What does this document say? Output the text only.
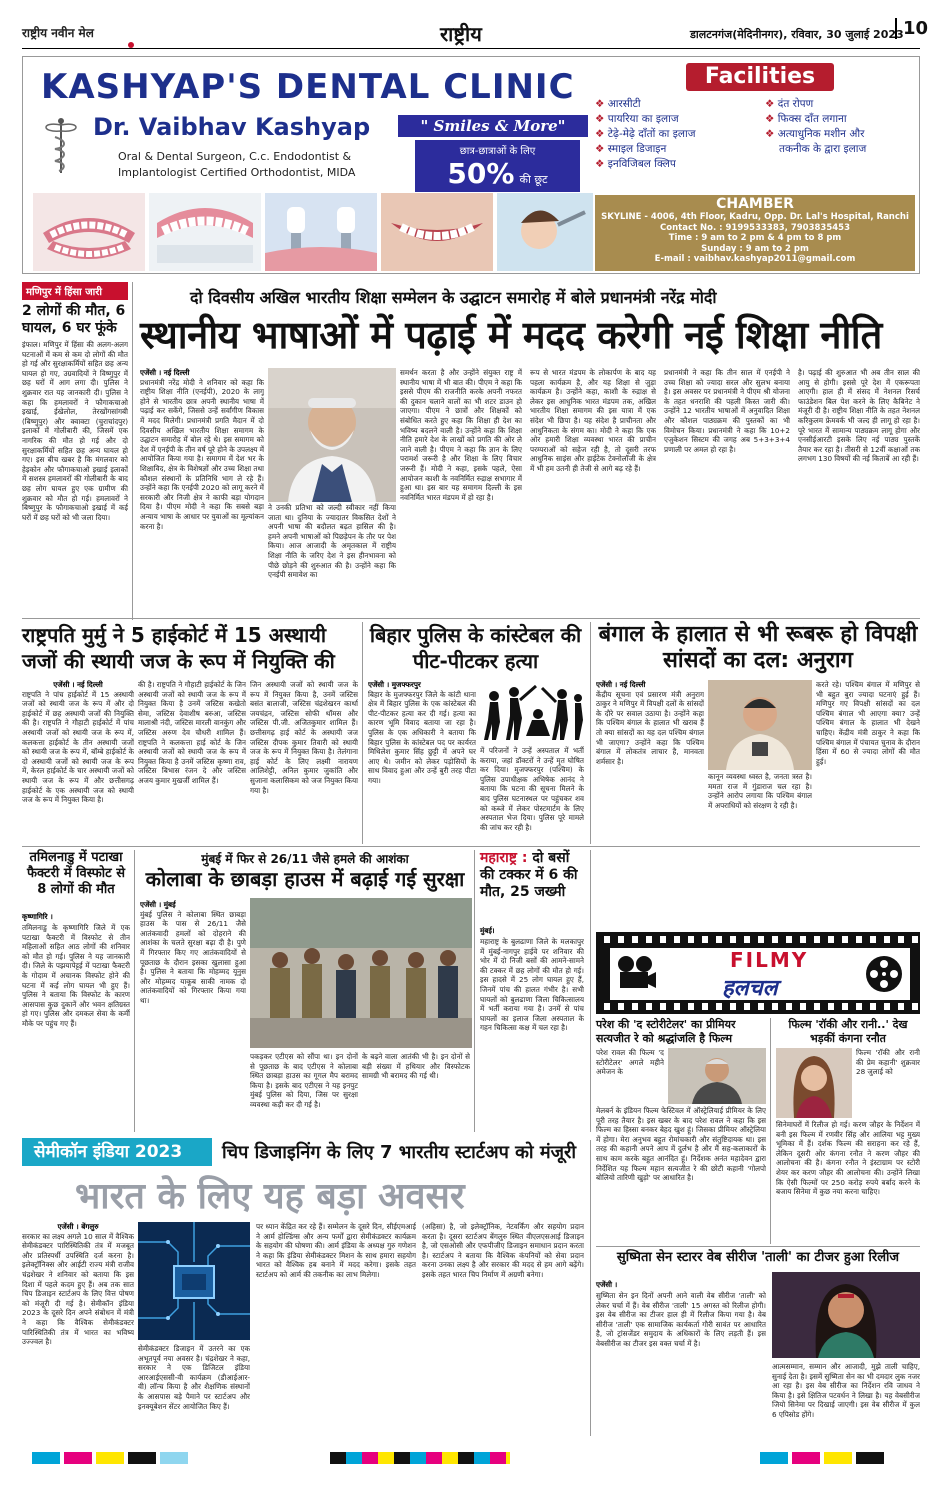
राष्ट्रीय नवीन मेल	राष्ट्रीय	डालटनगंज(मेदिनीनगर), रविवार, 30 जुलाई 2023 10
KASHYAP'S DENTAL CLINIC
Dr. Vaibhav Kashyap	" Smiles & More"
Oral & Dental Surgeon, C.c. Endodontist &
Implantologist Certified Orthodontist, MIDA
छात्र-छात्राओं के लिए
50% की छूट
Facilities
❖ आरसीटी
❖ पायरिया का इलाज
❖ टेढ़े-मेढ़े दाँतों का इलाज
❖ स्माइल डिजाइन
❖ इनविजिबल क्लिप
❖ दंत रोपण
❖ फिक्स दाँत लगाना
❖ अत्याधुनिक मशीन और
तकनीक के द्वारा इलाज
CHAMBER
SKYLINE - 4006, 4th Floor, Kadru, Opp. Dr. Lal's Hospital, Ranchi
Contact No. : 9199533383, 7903835453
Time : 9 am to 2 pm & 4 pm to 8 pm
Sunday : 9 am to 2 pm
E-mail : vaibhav.kashyap2011@gmail.com
मणिपुर में हिंसा जारी
2 लोगों की मौत, 6 घायल, 6 घर फूंके
इंफाल। मणिपुर में हिंसा की अलग-अलग घटनाओं में कम से कम दो लोगों की मौत हो गई और सुरक्षाकर्मियों सहित छह अन्य घायल हो गए, उग्रवादियों ने विष्णुपुर में छह घरों में आग लगा दी। पुलिस ने शुक्रवार रात यह जानकारी दी। पुलिस ने कहा कि हमलावरों ने फौगाकचाओ इखाई, ईखेलोल, तेरखोंगसांगबी (बिष्णुपुर) और क्वाक्टा (चुराचांदपुर) इलाकों में गोलीबारी की, जिसमें एक नागरिक की मौत हो गई और दो सुरक्षाकर्मियों सहित छह अन्य घायल हो गए। इस बीच खबर है कि मंगलवार को हेइकोन और फौगाकचाओ इखाई इलाकों में सशस्त्र हमलावरों की गोलीबारी के बाद छह लोग घायल हुए एक ग्रामीण की शुक्रवार को मौत हो गई। हमलावरों ने बिष्णुपुर के फौगाकचाओ इखाई में कई घरों में छह घरों को भी जला दिया।
दो दिवसीय अखिल भारतीय शिक्षा सम्मेलन के उद्घाटन समारोह में बोले प्रधानमंत्री नरेंद्र मोदी
स्थानीय भाषाओं में पढ़ाई में मदद करेगी नई शिक्षा नीति
एजेंसी । नई दिल्ली
प्रधानमंत्री नरेंद्र मोदी ने शनिवार को कहा कि राष्ट्रीय शिक्षा नीति (एनईपी), 2020 के लागू होने से भारतीय छात्र अपनी स्थानीय भाषा में पढ़ाई कर सकेंगे, जिससे उन्हें सर्वांगीण विकास में मदद मिलेगी। प्रधानमंत्री प्रगति मैदान में दो दिवसीय अखिल भारतीय शिक्षा समागम के उद्घाटन समारोह में बोल रहे थे। इस समागम को देश में एनईपी के तीन वर्ष पूरे होने के उपलक्ष्य में आयोजित किया गया है। समागम में देश भर के शिक्षाविद, क्षेत्र के विशेषज्ञों और उच्च शिक्षा तथा कौशल संस्थानों के प्रतिनिधि भाग ले रहे हैं। उन्होंने कहा कि एनईपी 2020 को लागू करने में सरकारी और निजी क्षेत्र ने काफी बड़ा योगदान दिया है। पीएम मोदी ने कहा कि सबसे बड़ा अन्याय भाषा के आधार पर युवाओं का मूल्यांकन करना है।
ने उनकी प्रतिभा को जल्दी स्वीकार नहीं किया जाता था। दुनिया के ज्यादातर विकसित देशों ने अपनी भाषा की बदौलत बढ़त हासिल की है। हमने अपनी भाषाओं को पिछड़ेपन के तौर पर पेश किया। आज आजादी के अमृतकाल में राष्ट्रीय शिक्षा नीति के जरिए देश ने इस हीनभावना को पीछे छोड़ने की शुरुआत की है। उन्होंने कहा कि एनईपी समावेश का
समर्थन करता है और उन्होंने संयुक्त राष्ट्र में स्थानीय भाषा में भी बात की। पीएम ने कहा कि इससे पीएम की राजनीति करके अपनी नफरत की दुकान चलाने वालों का भी शटर डाउन हो जाएगा। पीएम ने छात्रों और शिक्षकों को संबोधित करते हुए कहा कि शिक्षा ही देश का भविष्य बदलने वाली है। उन्होंने कहा कि शिक्षा नीति हमारे देश के लाखों को प्रगति की ओर ले जाने वाली है। पीएम ने कहा कि ज्ञान के लिए परामर्श जरूरी है और शिक्षा के लिए विचार जरूरी हैं। मोदी ने कहा, इसके पहले, ऐसा आयोजन काशी के नवनिर्मित रुद्राक्ष सभागार में हुआ था। इस बार यह समागम दिल्ली के इस नवनिर्मित भारत मंडपम में हो रहा है।
रूप से भारत मंडपम के लोकार्पण के बाद यह पहला कार्यक्रम है, और यह शिक्षा से जुड़ा कार्यक्रम है। उन्होंने कहा, काशी के रुद्राक्ष से लेकर इस आधुनिक भारत मंडपम तक, अखिल भारतीय शिक्षा समागम की इस यात्रा में एक संदेश भी छिपा है। यह संदेश है प्राचीनता और आधुनिकता के संगम का। मोदी ने कहा कि एक ओर हमारी शिक्षा व्यवस्था भारत की प्राचीन परम्पराओं को सहेज रही है, तो दूसरी तरफ आधुनिक साइंस और हाईटेक टेक्नोलॉजी के क्षेत्र में भी हम उतनी ही तेजी से आगे बढ़ रहे हैं।
प्रधानमंत्री ने कहा कि तीन साल में एनईपी ने उच्च शिक्षा को ज्यादा सरल और सुलभ बनाया है। इस अवसर पर प्रधानमंत्री ने पीएम श्री योजना के तहत धनराशि की पहली किस्त जारी की। उन्होंने 12 भारतीय भाषाओं में अनुवादित शिक्षा और कौशल पाठ्यक्रम की पुस्तकों का भी विमोचन किया। प्रधानमंत्री ने कहा कि 10+2 एजुकेशन सिस्टम की जगह अब 5+3+3+4 प्रणाली पर अमल हो रहा है।
है। पढ़ाई की शुरुआत भी अब तीन साल की आयु से होगी। इससे पूरे देश में एकरूपता आएगी। हाल ही में संसद में नेशनल रिसर्च फाउंडेशन बिल पेश करने के लिए कैबिनेट ने मंजूरी दी है। राष्ट्रीय शिक्षा नीति के तहत नेशनल करिकुलम फ्रेमवर्क भी जल्द ही लागू हो रहा है। पूरे भारत में सामान्य पाठ्यक्रम लागू होगा और एनसीईआरटी इसके लिए नई पाठ्य पुस्तकें तैयार कर रहा है। तीसरी से 12वीं कक्षाओं तक लगभग 130 विषयों की नई किताबें आ रही हैं।
राष्ट्रपति मुर्मु ने 5 हाईकोर्ट में 15 अस्थायी जजों की स्थायी जज के रूप में नियुक्ति की
एजेंसी । नई दिल्ली
राष्ट्रपति ने पांच हाईकोर्ट में 15 अस्थायी जजों को स्थायी जज के रूप में और दो हाईकोर्ट में छह अस्थायी जजों की नियुक्ति की है। राष्ट्रपति ने गौहाटी हाईकोर्ट में पांच अस्थायी जजों को स्थायी जज के रूप में, कलकत्ता हाईकोर्ट के तीन अस्थायी जजों को स्थायी जज के रूप में, बॉम्बे हाईकोर्ट के दो अस्थायी जजों को स्थायी जज के रूप में, केरल हाईकोर्ट के चार अस्थायी जजों को स्थायी जज के रूप में और छत्तीसगढ़ हाईकोर्ट के एक अस्थायी जज को स्थायी जज के रूप में नियुक्त किया है।
की है। राष्ट्रपति ने गौहाटी हाईकोर्ट के जिन अस्थायी जजों को स्थायी जज के रूप में नियुक्त किया है उनमें जस्टिस कखेतो सेमा, जस्टिस देवाशीष बरुआ, जस्टिस मालाश्री नंदी, जस्टिस मारली वानकुंग और जस्टिस अरुण देव चौधरी शामिल हैं। राष्ट्रपति ने कलकत्ता हाई कोर्ट के जिन अस्थायी जजों को स्थायी जज के रूप में नियुक्त किया है उनमें जस्टिस कृष्णा राव, जस्टिस बिभास रंजन दे और जस्टिस अजय कुमार मुखर्जी शामिल हैं।
जिन अस्थायी जजों को स्थायी जज के रूप में नियुक्त किया है, उनमें जस्टिस बसंत बालाजी, जस्टिस चंद्रशेखरन कार्था जयचंद्रन, जस्टिस सोफी थॉमस और जस्टिस पी.जी. अजितकुमार शामिल हैं। छत्तीसगढ़ हाई कोर्ट के अस्थायी जज जस्टिस दीपक कुमार तिवारी को स्थायी जज के रूप में नियुक्त किया है। तेलंगाना हाई कोर्ट के लिए लक्ष्मी नारायण आलिशेट्टी, अनिल कुमार जुकांति और सुजाना कलासिकम को जज नियुक्त किया गया है।
बिहार पुलिस के कांस्टेबल की पीट-पीटकर हत्या
एजेंसी । मुजफ्फरपुर
बिहार के मुजफ्फरपुर जिले के कांटी थाना क्षेत्र में बिहार पुलिस के एक कांस्टेबल की पीट-पीटकर हत्या कर दी गई। हत्या का कारण भूमि विवाद बताया जा रहा है। पुलिस के एक अधिकारी ने बताया कि बिहार पुलिस के कांस्टेबल पद पर कार्यरत मिथिलेश कुमार सिंह छुट्टी में अपने घर आए थे। जमीन को लेकर पड़ोसियों के साथ विवाद हुआ और उन्हें बुरी तरह पीटा गया।
में परिजनों ने उन्हें अस्पताल में भर्ती कराया, जहां डॉक्टरों ने उन्हें मृत घोषित कर दिया। मुजफ्फरपुर (पश्चिम) के पुलिस उपाधीक्षक अभिषेक आनंद ने बताया कि घटना की सूचना मिलने के बाद पुलिस घटनास्थल पर पहुंचकर शव को कब्जे में लेकर पोस्टमार्टम के लिए अस्पताल भेज दिया। पुलिस पूरे मामले की जांच कर रही है।
बंगाल के हालात से भी रूबरू हो विपक्षी सांसदों का दल: अनुराग
एजेंसी । नई दिल्ली
केंद्रीय सूचना एवं प्रसारण मंत्री अनुराग ठाकुर ने मणिपुर में विपक्षी दलों के सांसदों के दौरे पर सवाल उठाया है। उन्होंने कहा कि पश्चिम बंगाल के हालात भी खराब हैं तो क्या सांसदों का यह दल पश्चिम बंगाल भी जाएगा? उन्होंने कहा कि पश्चिम बंगाल में लोकतंत्र लाचार है, मानवता शर्मसार है।
कानून व्यवस्था ध्वस्त है, जनता त्रस्त है। ममता राज में गुंडाराज चल रहा है। उन्होंने आरोप लगाया कि पश्चिम बंगाल में अपराधियों को संरक्षण दे रही है।
करते रहे। पश्चिम बंगाल में मणिपुर से भी बहुत बुरा ज्यादा घटनाएं हुई हैं। मणिपुर गए विपक्षी सांसदों का दल पश्चिम बंगाल भी आएगा क्या? उन्हें पश्चिम बंगाल के हालात भी देखने चाहिए। केंद्रीय मंत्री ठाकुर ने कहा कि पश्चिम बंगाल में पंचायत चुनाव के दौरान हिंसा में 60 से ज्यादा लोगों की मौत हुई।
तमिलनाडु में पटाखा फैक्टरी में विस्फोट से 8 लोगों की मौत
कृष्णागिरि ।
तमिलनाडु के कृष्णागिरि जिले में एक पटाखा फैक्टरी में विस्फोट से तीन महिलाओं सहित आठ लोगों की शनिवार को मौत हो गई। पुलिस ने यह जानकारी दी। जिले के पझयापेट्टई में पटाखा फैक्टरी के गोदाम में अचानक विस्फोट होने की घटना में कई लोग घायल भी हुए हैं। पुलिस ने बताया कि विस्फोट के कारण आसपास कुछ दुकानें और भवन क्षतिग्रस्त हो गए। पुलिस और दमकल सेवा के कर्मी मौके पर पहुंच गए हैं।
मुंबई में फिर से 26/11 जैसे हमले की आशंका
कोलाबा के छाबड़ा हाउस में बढ़ाई गई सुरक्षा
एजेंसी । मुंबई
मुंबई पुलिस ने कोलाबा स्थित छाबड़ा हाउस के पास से 26/11 जैसे आतंकवादी हमलों को दोहराने की आशंका के चलते सुरक्षा बढ़ा दी है। पुणे में गिरफ्तार किए गए आतंकवादियों से पूछताछ के दौरान इसका खुलासा हुआ है। पुलिस ने बताया कि मोहम्मद यूनुस और मोहम्मद याकूब साकी नामक दो आतंकवादियों को गिरफ्तार किया गया था।
पकड़कर एटीएस को सौंपा था। इन दोनों से पूछताछ के बाद एटीएस ने कोलाबा स्थित छाबड़ा हाउस का गूगल मैप बरामद किया है। इसके बाद एटीएस ने यह इनपुट मुंबई पुलिस को दिया, जिस पर सुरक्षा व्यवस्था कड़ी कर दी गई है।
के बढ़ने वाला आतंकी भी है। इन दोनों से बड़ी संख्या में हथियार और विस्फोटक सामग्री भी बरामद की गई थी।
महाराष्ट्र : दो बसों की टक्कर में 6 की मौत, 25 जख्मी
मुंबई।
महाराष्ट्र के बुलढाणा जिले के मलकापुर में मुंबई-नागपुर हाईवे पर शनिवार की भोर में दो निजी बसों की आमने-सामने की टक्कर में छह लोगों की मौत हो गई। इस हादसे में 25 लोग घायल हुए हैं, जिनमें पांच की हालत गंभीर है। सभी घायलों को बुलढाणा जिला चिकित्सालय में भर्ती कराया गया है। उनमें से पांच घायलों का इलाज जिला अस्पताल के गहन चिकित्सा कक्ष में चल रहा है।
FILMY
हलचल
परेश की 'द स्टोरीटेलर' का प्रीमियर सत्यजीत रे को श्रद्धांजलि है फिल्म
परेश रावल की फिल्म 'द स्टोरीटेलर' अगले महीने अमेजन के
मेलबर्न के इंडियन फिल्म फेस्टिवल में ऑस्ट्रेलियाई प्रीमियर के लिए पूरी तरह तैयार है। इस खबर के बाद परेश रावल ने कहा कि इस फिल्म का हिस्सा बनकर बेहद खुश हूं। जिसका प्रीमियर ऑस्ट्रेलिया में होगा। मेरा अनुभव बहुत रोमांचकारी और संतुष्टिदायक था। इस तरह की कहानी अपने आप में दुर्लभ है और मैं सह-कलाकारों के साथ काम करके बहुत आनंदित हूं। निर्देशक अनंत महादेवन द्वारा निर्देशित यह फिल्म महान सत्यजीत रे की छोटी कहानी 'गोलपो बोलियो तारिणी खुड़ो' पर आधारित है।
फिल्म 'रॉकी और रानी..' देख भड़कीं कंगना रनौत
फिल्म 'रॉकी और रानी की प्रेम कहानी' शुक्रवार 28 जुलाई को
सिनेमाघरों में रिलीज हो गई। करण जौहर के निर्देशन में बनी इस फिल्म में रणवीर सिंह और आलिया भट्ट मुख्य भूमिका में हैं। दर्शक फिल्म की सराहना कर रहे हैं, लेकिन दूसरी ओर कंगना रनौत ने करण जौहर की आलोचना की है। कंगना रनौत ने इंस्टाग्राम पर स्टोरी शेयर कर करण जौहर की आलोचना की। उन्होंने लिखा कि ऐसी फिल्मों पर 250 करोड़ रुपये बर्बाद करने के बजाय सिनेमा में कुछ नया करना चाहिए।
सुष्मिता सेन स्टारर वेब सीरीज 'ताली' का टीजर हुआ रिलीज
एजेंसी ।
सुष्मिता सेन इन दिनों अपनी आने वाली वेब सीरीज 'ताली' को लेकर चर्चा में हैं। वेब सीरीज 'ताली' 15 अगस्त को रिलीज होगी। इस वेब सीरीज का टीजर हाल ही में रिलीज किया गया है। वेब सीरीज 'ताली' एक सामाजिक कार्यकर्ता गौरी सावंत पर आधारित है, जो ट्रांसजेंडर समुदाय के अधिकारों के लिए लड़ती हैं। इस वेबसीरीज का टीजर इस वक्त चर्चा में है।
आत्मसम्मान, सम्मान और आजादी, मुझे ताली चाहिए, सुनाई देता है। इसमें सुष्मिता सेन का भी दमदार लुक नजर आ रहा है। इस वेब सीरीज का निर्देशन रवि जाधव ने किया है। इसे क्षितिज पटवर्धन ने लिखा है। यह वेबसीरीज जियो सिनेमा पर दिखाई जाएगी। इस वेब सीरीज में कुल 6 एपिसोड होंगे।
सेमीकॉन इंडिया 2023	चिप डिजाइनिंग के लिए 7 भारतीय स्टार्टअप को मंजूरी
भारत के लिए यह बड़ा अवसर
एजेंसी । बेंगलुरु
सरकार का लक्ष्य अगले 10 साल में वैश्विक सेमीकंडक्टर पारिस्थितिकी तंत्र में मजबूत और प्रतिस्पर्धी उपस्थिति दर्ज करना है। इलेक्ट्रॉनिक्स और आईटी राज्य मंत्री राजीव चंद्रशेखर ने शनिवार को बताया कि इस दिशा में पहले कदम हुए हैं। अब तक सात चिप डिजाइन स्टार्टअप के लिए वित्त पोषण को मंजूरी दी गई है। सेमीकॉन इंडिया 2023 के दूसरे दिन अपने संबोधन में मंत्री ने कहा कि वैश्विक सेमीकंडक्टर पारिस्थितिकी तंत्र में भारत का भविष्य उज्ज्वल है।
सेमीकंडक्टर डिजाइन में उतरने का एक अभूतपूर्व नया अवसर है। चंद्रशेखर ने कहा, सरकार ने एक डिजिटल इंडिया आरआईएससी-वी कार्यक्रम (डीआईआर-वी) लॉन्च किया है और शैक्षणिक संस्थानों के आसपास बड़े पैमाने पर स्टार्टअप और इनक्यूबेशन सेंटर आयोजित किए हैं।
पर ध्यान केंद्रित कर रहे हैं। सम्मेलन के दूसरे दिन, सीईएमआई ने आर्म होल्डिंग्स और अन्य फर्मों द्वारा सेमीकंडक्टर कार्यक्रम के सहयोग की घोषणा की। आर्म इंडिया के अध्यक्ष गुरु गणेशन ने कहा कि इंडिया सेमीकंडक्टर मिशन के साथ हमारा सहयोग भारत को वैश्विक हब बनाने में मदद करेगा। इसके तहत स्टार्टअप को आर्म की तकनीक का लाभ मिलेगा।
(अहिसा) है, जो इलेक्ट्रॉनिक, नेटवर्किंग और सहयोग प्रदान करता है। दूसरा स्टार्टअप बेंगलुरु स्थित वीएलएसआई डिजाइन है, जो एसओसी और एफपीजीए डिजाइन समाधान प्रदान करता है। स्टार्टअप ने बताया कि वैश्विक कंपनियों को सेवा प्रदान करना उनका लक्ष्य है और सरकार की मदद से हम आगे बढ़ेंगे। इसके तहत भारत चिप निर्माण में अग्रणी बनेगा।
